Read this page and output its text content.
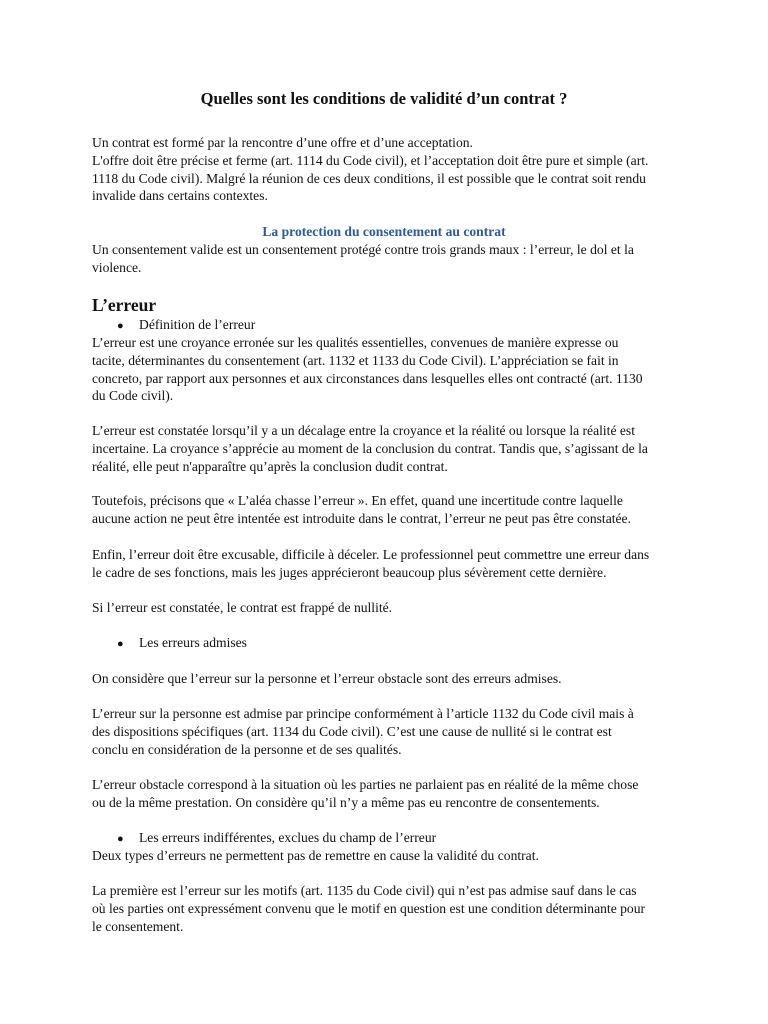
Quelles sont les conditions de validité d’un contrat ?
Un contrat est formé par la rencontre d’une offre et d’une acceptation.
L'offre doit être précise et ferme (art. 1114 du Code civil), et l’acceptation doit être pure et simple (art.
1118 du Code civil). Malgré la réunion de ces deux conditions, il est possible que le contrat soit rendu
invalide dans certains contextes.
La protection du consentement au contrat
Un consentement valide est un consentement protégé contre trois grands maux : l’erreur, le dol et la
violence.
L’erreur
● Définition de l’erreur
L’erreur est une croyance erronée sur les qualités essentielles, convenues de manière expresse ou
tacite, déterminantes du consentement (art. 1132 et 1133 du Code Civil). L’appréciation se fait in
concreto, par rapport aux personnes et aux circonstances dans lesquelles elles ont contracté (art. 1130
du Code civil).
L’erreur est constatée lorsqu’il y a un décalage entre la croyance et la réalité ou lorsque la réalité est
incertaine. La croyance s’apprécie au moment de la conclusion du contrat. Tandis que, s’agissant de la
réalité, elle peut n'apparaître qu’après la conclusion dudit contrat.
Toutefois, précisons que « L’aléa chasse l’erreur ». En effet, quand une incertitude contre laquelle
aucune action ne peut être intentée est introduite dans le contrat, l’erreur ne peut pas être constatée.
Enfin, l’erreur doit être excusable, difficile à déceler. Le professionnel peut commettre une erreur dans
le cadre de ses fonctions, mais les juges apprécieront beaucoup plus sévèrement cette dernière.
Si l’erreur est constatée, le contrat est frappé de nullité.
● Les erreurs admises
On considère que l’erreur sur la personne et l’erreur obstacle sont des erreurs admises.
L’erreur sur la personne est admise par principe conformément à l’article 1132 du Code civil mais à
des dispositions spécifiques (art. 1134 du Code civil). C’est une cause de nullité si le contrat est
conclu en considération de la personne et de ses qualités.
L’erreur obstacle correspond à la situation où les parties ne parlaient pas en réalité de la même chose
ou de la même prestation. On considère qu’il n’y a même pas eu rencontre de consentements.
● Les erreurs indifférentes, exclues du champ de l’erreur
Deux types d’erreurs ne permettent pas de remettre en cause la validité du contrat.
La première est l’erreur sur les motifs (art. 1135 du Code civil) qui n’est pas admise sauf dans le cas
où les parties ont expressément convenu que le motif en question est une condition déterminante pour
le consentement.
